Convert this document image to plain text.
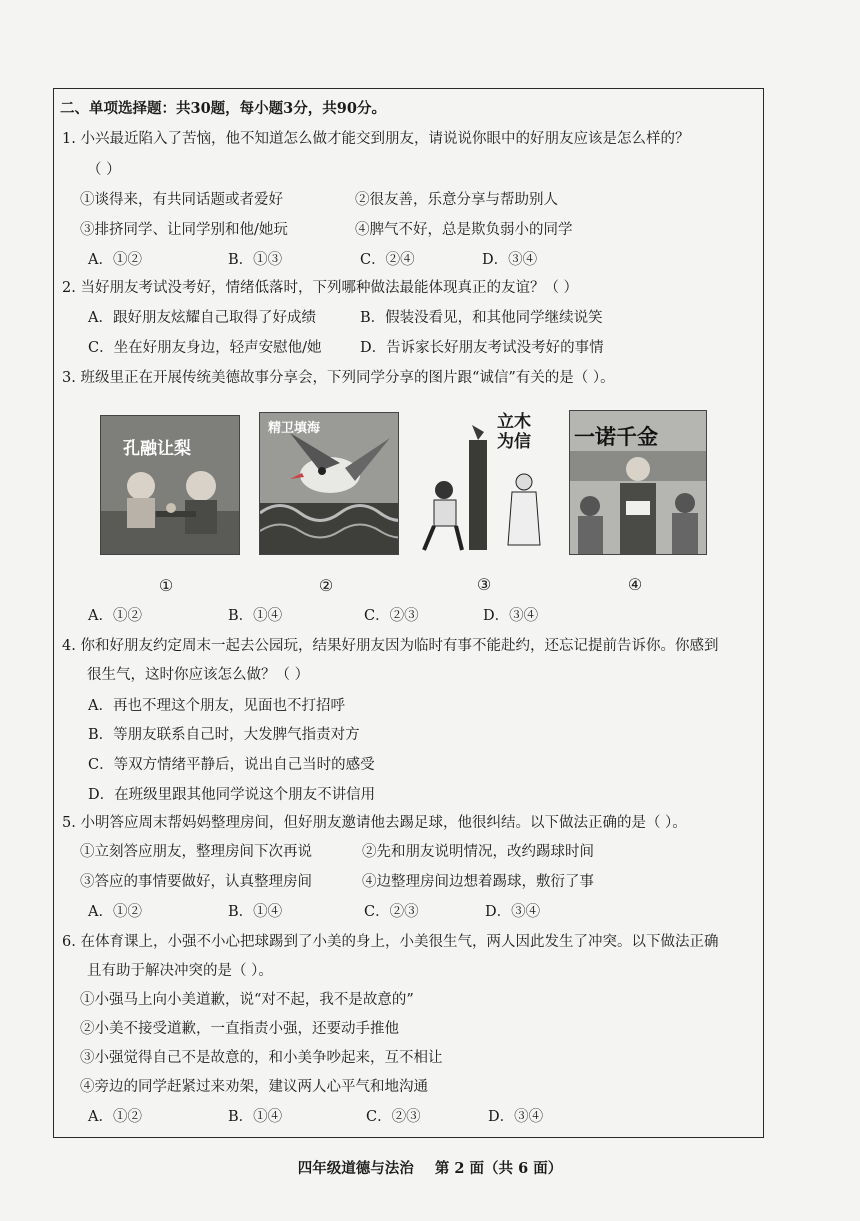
二、单项选择题：共30题，每小题3分，共90分。
1. 小兴最近陷入了苦恼，他不知道怎么做才能交到朋友，请说说你眼中的好朋友应该是怎么样的？
（ ）
①谈得来，有共同话题或者爱好	②很友善，乐意分享与帮助别人
③排挤同学、让同学别和他/她玩	④脾气不好，总是欺负弱小的同学
A．①②	B．①③	C．②④	D．③④
2. 当好朋友考试没考好，情绪低落时，下列哪种做法最能体现真正的友谊？（ ）
A．跟好朋友炫耀自己取得了好成绩	B．假装没看见，和其他同学继续说笑
C．坐在好朋友身边，轻声安慰他/她	D．告诉家长好朋友考试没考好的事情
3. 班级里正在开展传统美德故事分享会，下列同学分享的图片跟“诚信”有关的是（ ）。
孔融让梨
①
精卫填海
②
立木为信
③
一诺千金
④
A．①②	B．①④	C．②③	D．③④
4. 你和好朋友约定周末一起去公园玩，结果好朋友因为临时有事不能赴约，还忘记提前告诉你。你感到
很生气，这时你应该怎么做？（ ）
A．再也不理这个朋友，见面也不打招呼
B．等朋友联系自己时，大发脾气指责对方
C．等双方情绪平静后，说出自己当时的感受
D．在班级里跟其他同学说这个朋友不讲信用
5. 小明答应周末帮妈妈整理房间，但好朋友邀请他去踢足球，他很纠结。以下做法正确的是（ ）。
①立刻答应朋友，整理房间下次再说	②先和朋友说明情况，改约踢球时间
③答应的事情要做好，认真整理房间	④边整理房间边想着踢球，敷衍了事
A．①②	B．①④	C．②③	D．③④
6. 在体育课上，小强不小心把球踢到了小美的身上，小美很生气，两人因此发生了冲突。以下做法正确
且有助于解决冲突的是（ ）。
①小强马上向小美道歉，说“对不起，我不是故意的”
②小美不接受道歉，一直指责小强，还要动手推他
③小强觉得自己不是故意的，和小美争吵起来，互不相让
④旁边的同学赶紧过来劝架，建议两人心平气和地沟通
A．①②	B．①④	C．②③	D．③④
四年级道德与法治 第 2 面（共 6 面）
